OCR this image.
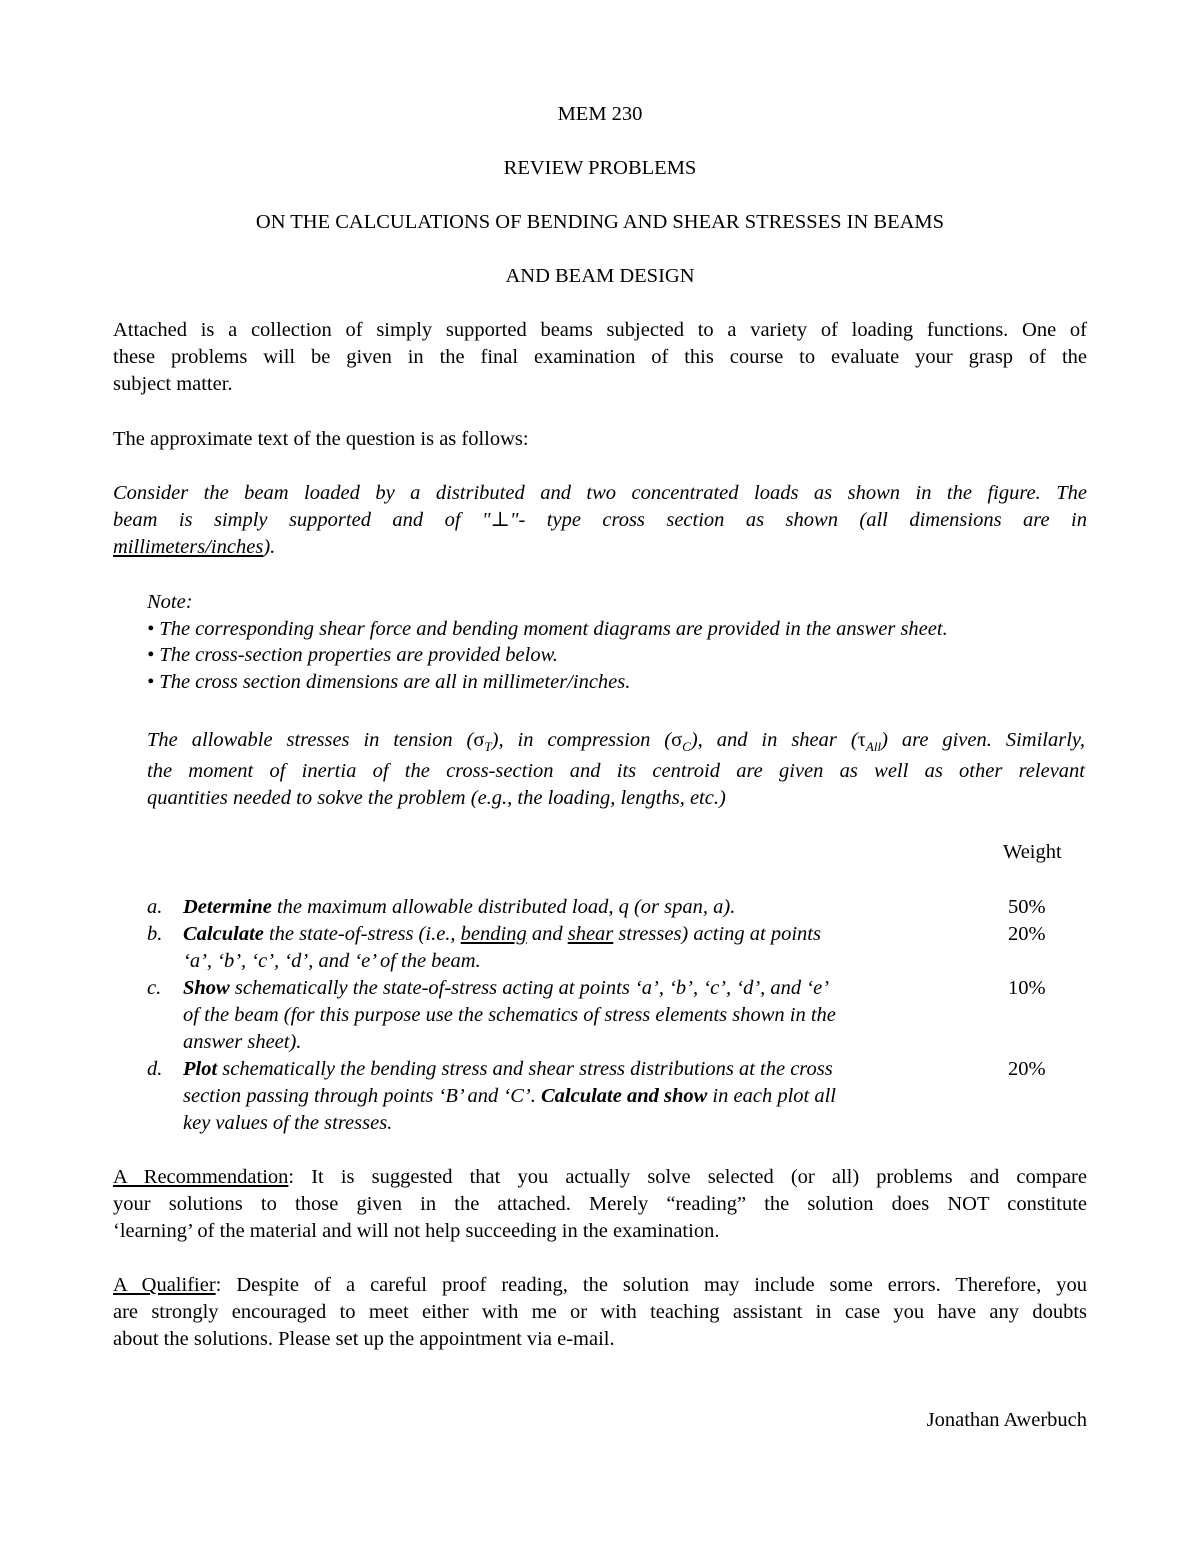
MEM 230
REVIEW PROBLEMS
ON THE CALCULATIONS OF BENDING AND SHEAR STRESSES IN BEAMS
AND BEAM DESIGN
Attached is a collection of simply supported beams subjected to a variety of loading functions. One of
these problems will be given in the final examination of this course to evaluate your grasp of the
subject matter.
The approximate text of the question is as follows:
Consider the beam loaded by a distributed and two concentrated loads as shown in the figure. The
beam is simply supported and of "⊥"- type cross section as shown (all dimensions are in
millimeters/inches).
Note:
• The corresponding shear force and bending moment diagrams are provided in the answer sheet.
• The cross-section properties are provided below.
• The cross section dimensions are all in millimeter/inches.
The allowable stresses in tension $(\sigma_T)$, in compression $(\sigma_C)$, and in shear $(\tau_{All})$ are given. Similarly,
the moment of inertia of the cross-section and its centroid are given as well as other relevant
quantities needed to sokve the problem (e.g., the loading, lengths, etc.)
Weight
a. Determine the maximum allowable distributed load, q (or span, a).	50%
b. Calculate the state-of-stress (i.e., bending and shear stresses) acting at points	20%
‘a’, ‘b’, ‘c’, ‘d’, and ‘e’ of the beam.
c. Show schematically the state-of-stress acting at points ‘a’, ‘b’, ‘c’, ‘d’, and ‘e’	10%
of the beam (for this purpose use the schematics of stress elements shown in the
answer sheet).
d. Plot schematically the bending stress and shear stress distributions at the cross	20%
section passing through points ‘B’ and ‘C’. Calculate and show in each plot all
key values of the stresses.
A Recommendation: It is suggested that you actually solve selected (or all) problems and compare
your solutions to those given in the attached. Merely “reading” the solution does NOT constitute
‘learning’ of the material and will not help succeeding in the examination.
A Qualifier: Despite of a careful proof reading, the solution may include some errors. Therefore, you
are strongly encouraged to meet either with me or with teaching assistant in case you have any doubts
about the solutions. Please set up the appointment via e-mail.
Jonathan Awerbuch
